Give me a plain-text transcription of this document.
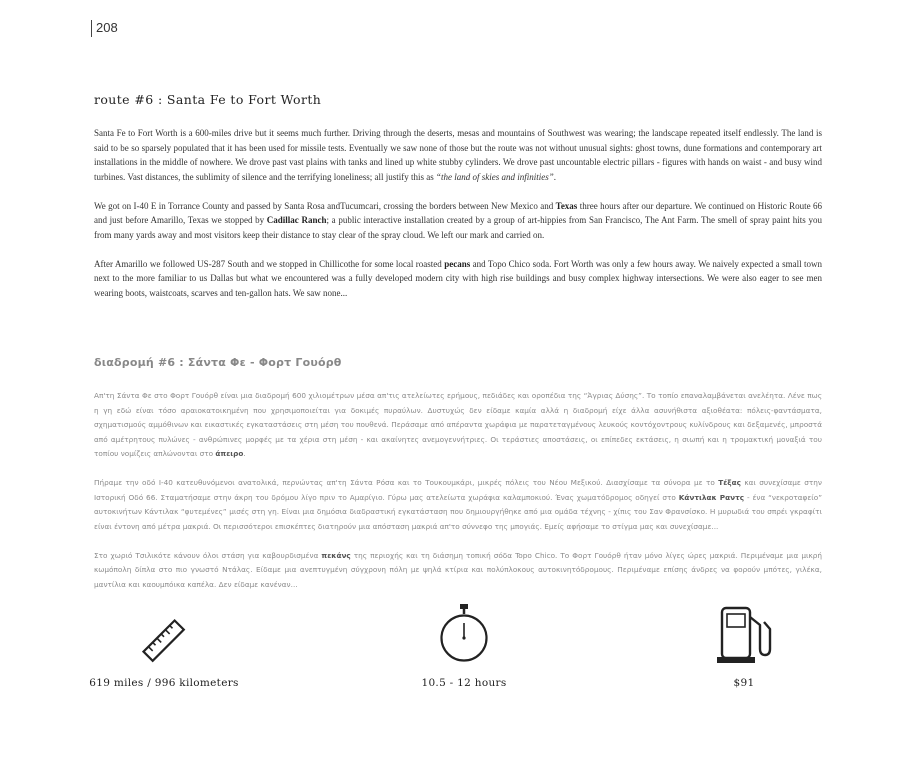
208
route #6 : Santa Fe to Fort Worth

Santa Fe to Fort Worth is a 600-miles drive but it seems much further. Driving through the deserts, mesas and mountains of Southwest was wearing; the landscape repeated itself endlessly. The land is said to be so sparsely populated that it has been used for missile tests. Eventually we saw none of those but the route was not without unusual sights: ghost towns, dune formations and contemporary art installations in the middle of nowhere. We drove past vast plains with tanks and lined up white stubby cylinders. We drove past uncountable electric pillars - figures with hands on waist - and busy wind turbines. Vast distances, the sublimity of silence and the terrifying loneliness; all justify this as “the land of skies and infinities”.

We got on I-40 E in Torrance County and passed by Santa Rosa andTucumcari, crossing the borders between New Mexico and Texas three hours after our departure. We continued on Historic Route 66 and just before Amarillo, Texas we stopped by Cadillac Ranch; a public interactive installation created by a group of art-hippies from San Francisco, The Ant Farm. The smell of spray paint hits you from many yards away and most visitors keep their distance to stay clear of the spray cloud. We left our mark and carried on.

After Amarillo we followed US-287 South and we stopped in Chillicothe for some local roasted pecans and Topo Chico soda. Fort Worth was only a few hours away. We naively expected a small town next to the more familiar to us Dallas but what we encountered was a fully developed modern city with high rise buildings and busy complex highway intersections. We were also eager to see men wearing boots, waistcoats, scarves and ten-gallon hats. We saw none...

διαδρομή #6 : Σάντα Φε - Φορτ Γουόρθ

Απ'τη Σάντα Φε στο Φορτ Γουόρθ είναι μια διαδρομή 600 χιλιομέτρων μέσα απ'τις ατελείωτες ερήμους, πεδιάδες και οροπέδια της “Άγριας Δύσης”. Το τοπίο επαναλαμβάνεται ανελέητα. Λένε πως η γη εδώ είναι τόσο αραιοκατοικημένη που χρησιμοποιείται για δοκιμές πυραύλων. Δυστυχώς δεν είδαμε καμία αλλά η διαδρομή είχε άλλα ασυνήθιστα αξιοθέατα: πόλεις-φαντάσματα, σχηματισμούς αμμόθινων και εικαστικές εγκαταστάσεις στη μέση του πουθενά. Περάσαμε από απέραντα χωράφια με παρατεταγμένους λευκούς κοντόχοντρους κυλίνδρους και δεξαμενές, μπροστά από αμέτρητους πυλώνες - ανθρώπινες μορφές με τα χέρια στη μέση - και ακαίνητες ανεμογεννήτριες. Οι τεράστιες αποστάσεις, οι επίπεδες εκτάσεις, η σιωπή και η τρομακτική μοναξιά του τοπίου νομίζεις απλώνονται στο άπειρο.

Πήραμε την οδό I-40 κατευθυνόμενοι ανατολικά, περνώντας απ'τη Σάντα Ρόσα και το Τουκουμκάρι, μικρές πόλεις του Νέου Μεξικού. Διασχίσαμε τα σύνορα με το Τέξας και συνεχίσαμε στην Ιστορική Οδό 66. Σταματήσαμε στην άκρη του δρόμου λίγο πριν το Αμαρίγιο. Γύρω μας ατελείωτα χωράφια καλαμποκιού. Ένας χωματόδρομος οδηγεί στο Κάντιλακ Ραντς - ένα “νεκροταφείο” αυτοκινήτων Κάντιλακ “φυτεμένες” μισές στη γη. Είναι μια δημόσια διαδραστική εγκατάσταση που δημιουργήθηκε από μια ομάδα τέχνης - χίπις του Σαν Φρανσίσκο. Η μυρωδιά του σπρέι γκραφίτι είναι έντονη από μέτρα μακριά. Οι περισσότεροι επισκέπτες διατηρούν μια απόσταση μακριά απ'το σύννεφο της μπογιάς. Εμείς αφήσαμε το στίγμα μας και συνεχίσαμε...

Στο χωριό Τσιλικότε κάνουν όλοι στάση για καβουρδισμένα πεκάνς της περιοχής και τη διάσημη τοπική σόδα Topo Chico. Το Φορτ Γουόρθ ήταν μόνο λίγες ώρες μακριά. Περιμέναμε μια μικρή κωμόπολη δίπλα στο πιο γνωστό Ντάλας. Είδαμε μια ανεπτυγμένη σύγχρονη πόλη με ψηλά κτίρια και πολύπλοκους αυτοκινητόδρομους. Περιμέναμε επίσης άνδρες να φορούν μπότες, γιλέκα, μαντίλια και καουμπόικα καπέλα. Δεν είδαμε κανέναν...

619 miles / 996 kilometers	10.5 - 12 hours	$91
